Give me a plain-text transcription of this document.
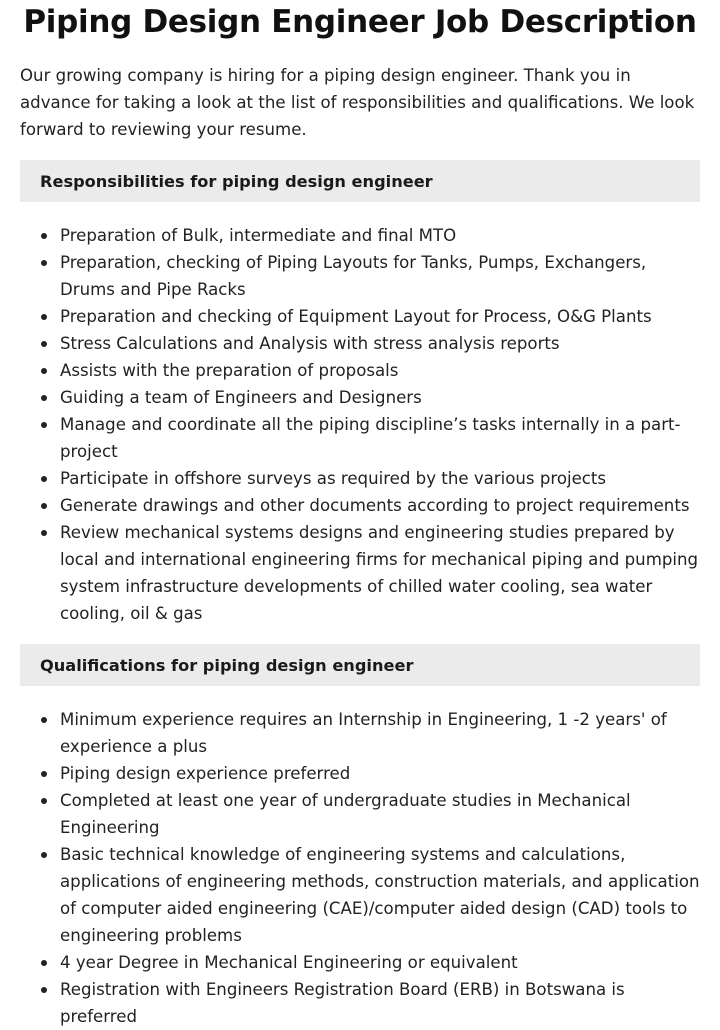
Piping Design Engineer Job Description

Our growing company is hiring for a piping design engineer. Thank you in advance for taking a look at the list of responsibilities and qualifications. We look forward to reviewing your resume.

Responsibilities for piping design engineer
Preparation of Bulk, intermediate and final MTO
Preparation, checking of Piping Layouts for Tanks, Pumps, Exchangers, Drums and Pipe Racks
Preparation and checking of Equipment Layout for Process, O&G Plants
Stress Calculations and Analysis with stress analysis reports
Assists with the preparation of proposals
Guiding a team of Engineers and Designers
Manage and coordinate all the piping discipline’s tasks internally in a part-project
Participate in offshore surveys as required by the various projects
Generate drawings and other documents according to project requirements
Review mechanical systems designs and engineering studies prepared by local and international engineering firms for mechanical piping and pumping system infrastructure developments of chilled water cooling, sea water cooling, oil & gas
Qualifications for piping design engineer
Minimum experience requires an Internship in Engineering, 1 -2 years' of experience a plus
Piping design experience preferred
Completed at least one year of undergraduate studies in Mechanical Engineering
Basic technical knowledge of engineering systems and calculations, applications of engineering methods, construction materials, and application of computer aided engineering (CAE)/computer aided design (CAD) tools to engineering problems
4 year Degree in Mechanical Engineering or equivalent
Registration with Engineers Registration Board (ERB) in Botswana is preferred
